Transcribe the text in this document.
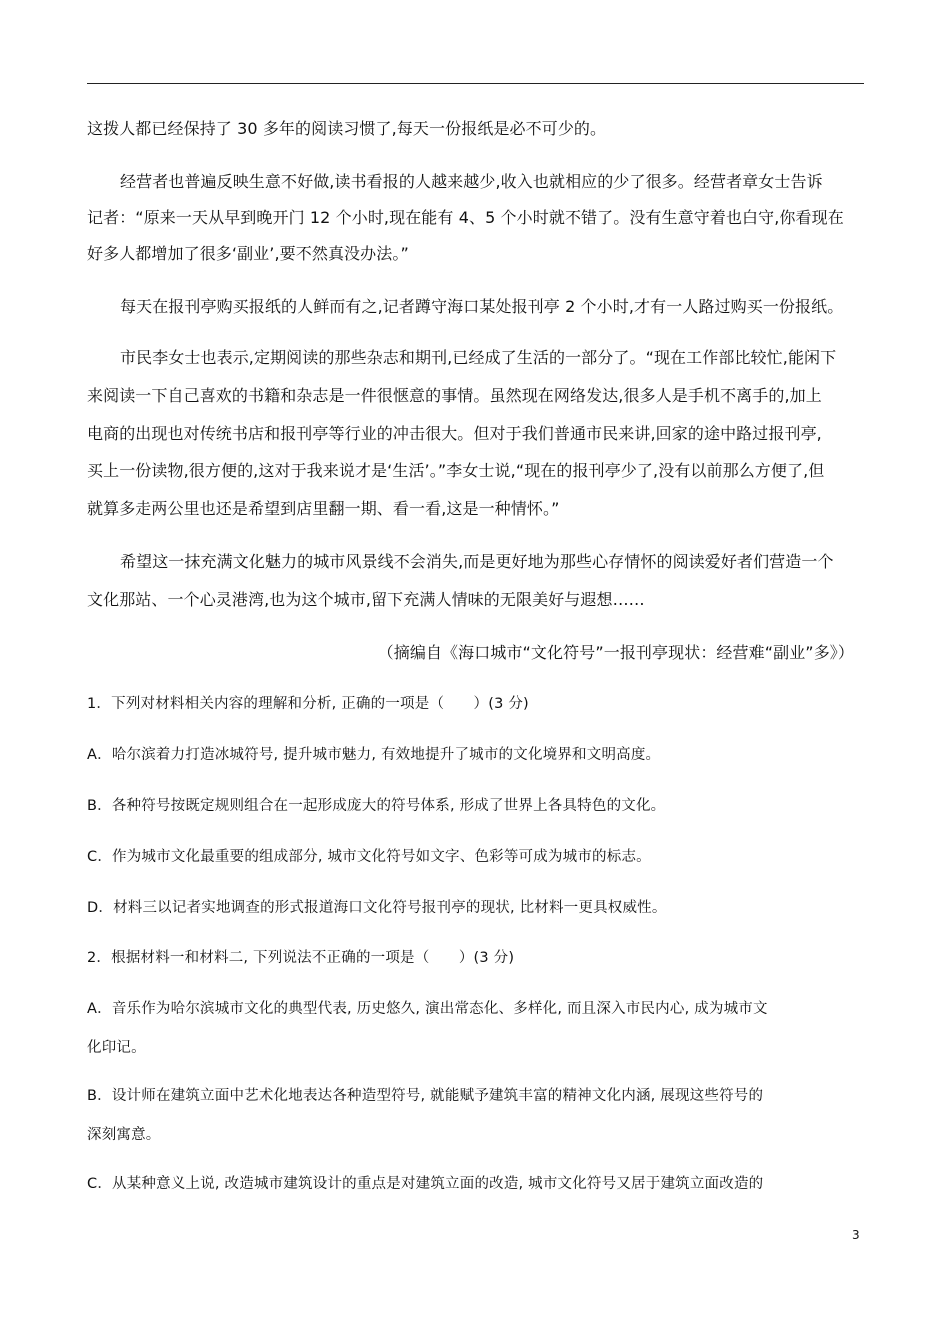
这拨人都已经保持了 30 多年的阅读习惯了,每天一份报纸是必不可少的。
经营者也普遍反映生意不好做,读书看报的人越来越少,收入也就相应的少了很多。经营者章女士告诉
记者：“原来一天从早到晚开门 12 个小时,现在能有 4、5 个小时就不错了。没有生意守着也白守,你看现在
好多人都增加了很多‘副业’,要不然真没办法。”
每天在报刊亭购买报纸的人鲜而有之,记者蹲守海口某处报刊亭 2 个小时,才有一人路过购买一份报纸。
市民李女士也表示,定期阅读的那些杂志和期刊,已经成了生活的一部分了。“现在工作部比较忙,能闲下
来阅读一下自己喜欢的书籍和杂志是一件很惬意的事情。虽然现在网络发达,很多人是手机不离手的,加上
电商的出现也对传统书店和报刊亭等行业的冲击很大。但对于我们普通市民来讲,回家的途中路过报刊亭,
买上一份读物,很方便的,这对于我来说才是‘生活’。”李女士说,“现在的报刊亭少了,没有以前那么方便了,但
就算多走两公里也还是希望到店里翻一期、看一看,这是一种情怀。”
希望这一抹充满文化魅力的城市风景线不会消失,而是更好地为那些心存情怀的阅读爱好者们营造一个
文化那站、一个心灵港湾,也为这个城市,留下充满人情味的无限美好与遐想……
（摘编自《海口城市“文化符号”一报刊亭现状：经营难“副业”多》）
1．下列对材料相关内容的理解和分析, 正确的一项是（　　）(3 分)
A．哈尔滨着力打造冰城符号, 提升城市魅力, 有效地提升了城市的文化境界和文明高度。
B．各种符号按既定规则组合在一起形成庞大的符号体系, 形成了世界上各具特色的文化。
C．作为城市文化最重要的组成部分, 城市文化符号如文字、色彩等可成为城市的标志。
D．材料三以记者实地调查的形式报道海口文化符号报刊亭的现状, 比材料一更具权威性。
2．根据材料一和材料二, 下列说法不正确的一项是（　　）(3 分)
A．音乐作为哈尔滨城市文化的典型代表, 历史悠久, 演出常态化、多样化, 而且深入市民内心, 成为城市文
化印记。
B．设计师在建筑立面中艺术化地表达各种造型符号, 就能赋予建筑丰富的精神文化内涵, 展现这些符号的
深刻寓意。
C．从某种意义上说, 改造城市建筑设计的重点是对建筑立面的改造, 城市文化符号又居于建筑立面改造的
3
